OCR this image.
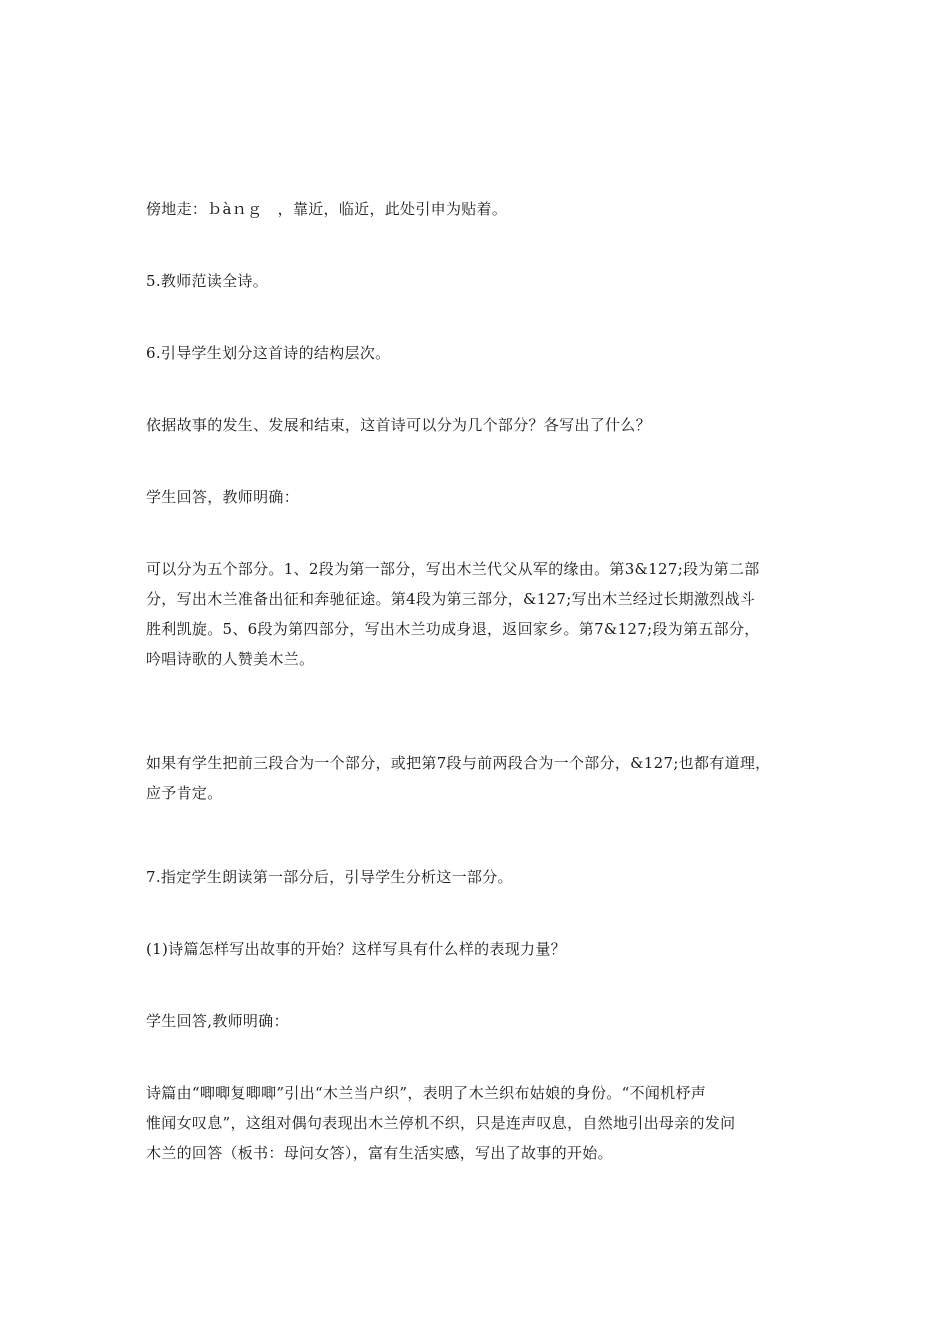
傍地走：ｂàｎｇ　，靠近，临近，此处引申为贴着。

5.教师范读全诗。

6.引导学生划分这首诗的结构层次。

依据故事的发生、发展和结束，这首诗可以分为几个部分？各写出了什么？

学生回答，教师明确：

可以分为五个部分。1、2段为第一部分，写出木兰代父从军的缘由。第3&127;段为第二部
分，写出木兰准备出征和奔驰征途。第4段为第三部分，&127;写出木兰经过长期激烈战斗
胜利凯旋。5、6段为第四部分，写出木兰功成身退，返回家乡。第7&127;段为第五部分，
吟唱诗歌的人赞美木兰。

如果有学生把前三段合为一个部分，或把第7段与前两段合为一个部分，&127;也都有道理，
应予肯定。

7.指定学生朗读第一部分后，引导学生分析这一部分。

(1)诗篇怎样写出故事的开始？这样写具有什么样的表现力量？

学生回答,教师明确：

诗篇由“唧唧复唧唧”引出“木兰当户织”，表明了木兰织布姑娘的身份。“不闻机杼声
惟闻女叹息”，这组对偶句表现出木兰停机不织，只是连声叹息，自然地引出母亲的发问
木兰的回答（板书：母问女答），富有生活实感，写出了故事的开始。
